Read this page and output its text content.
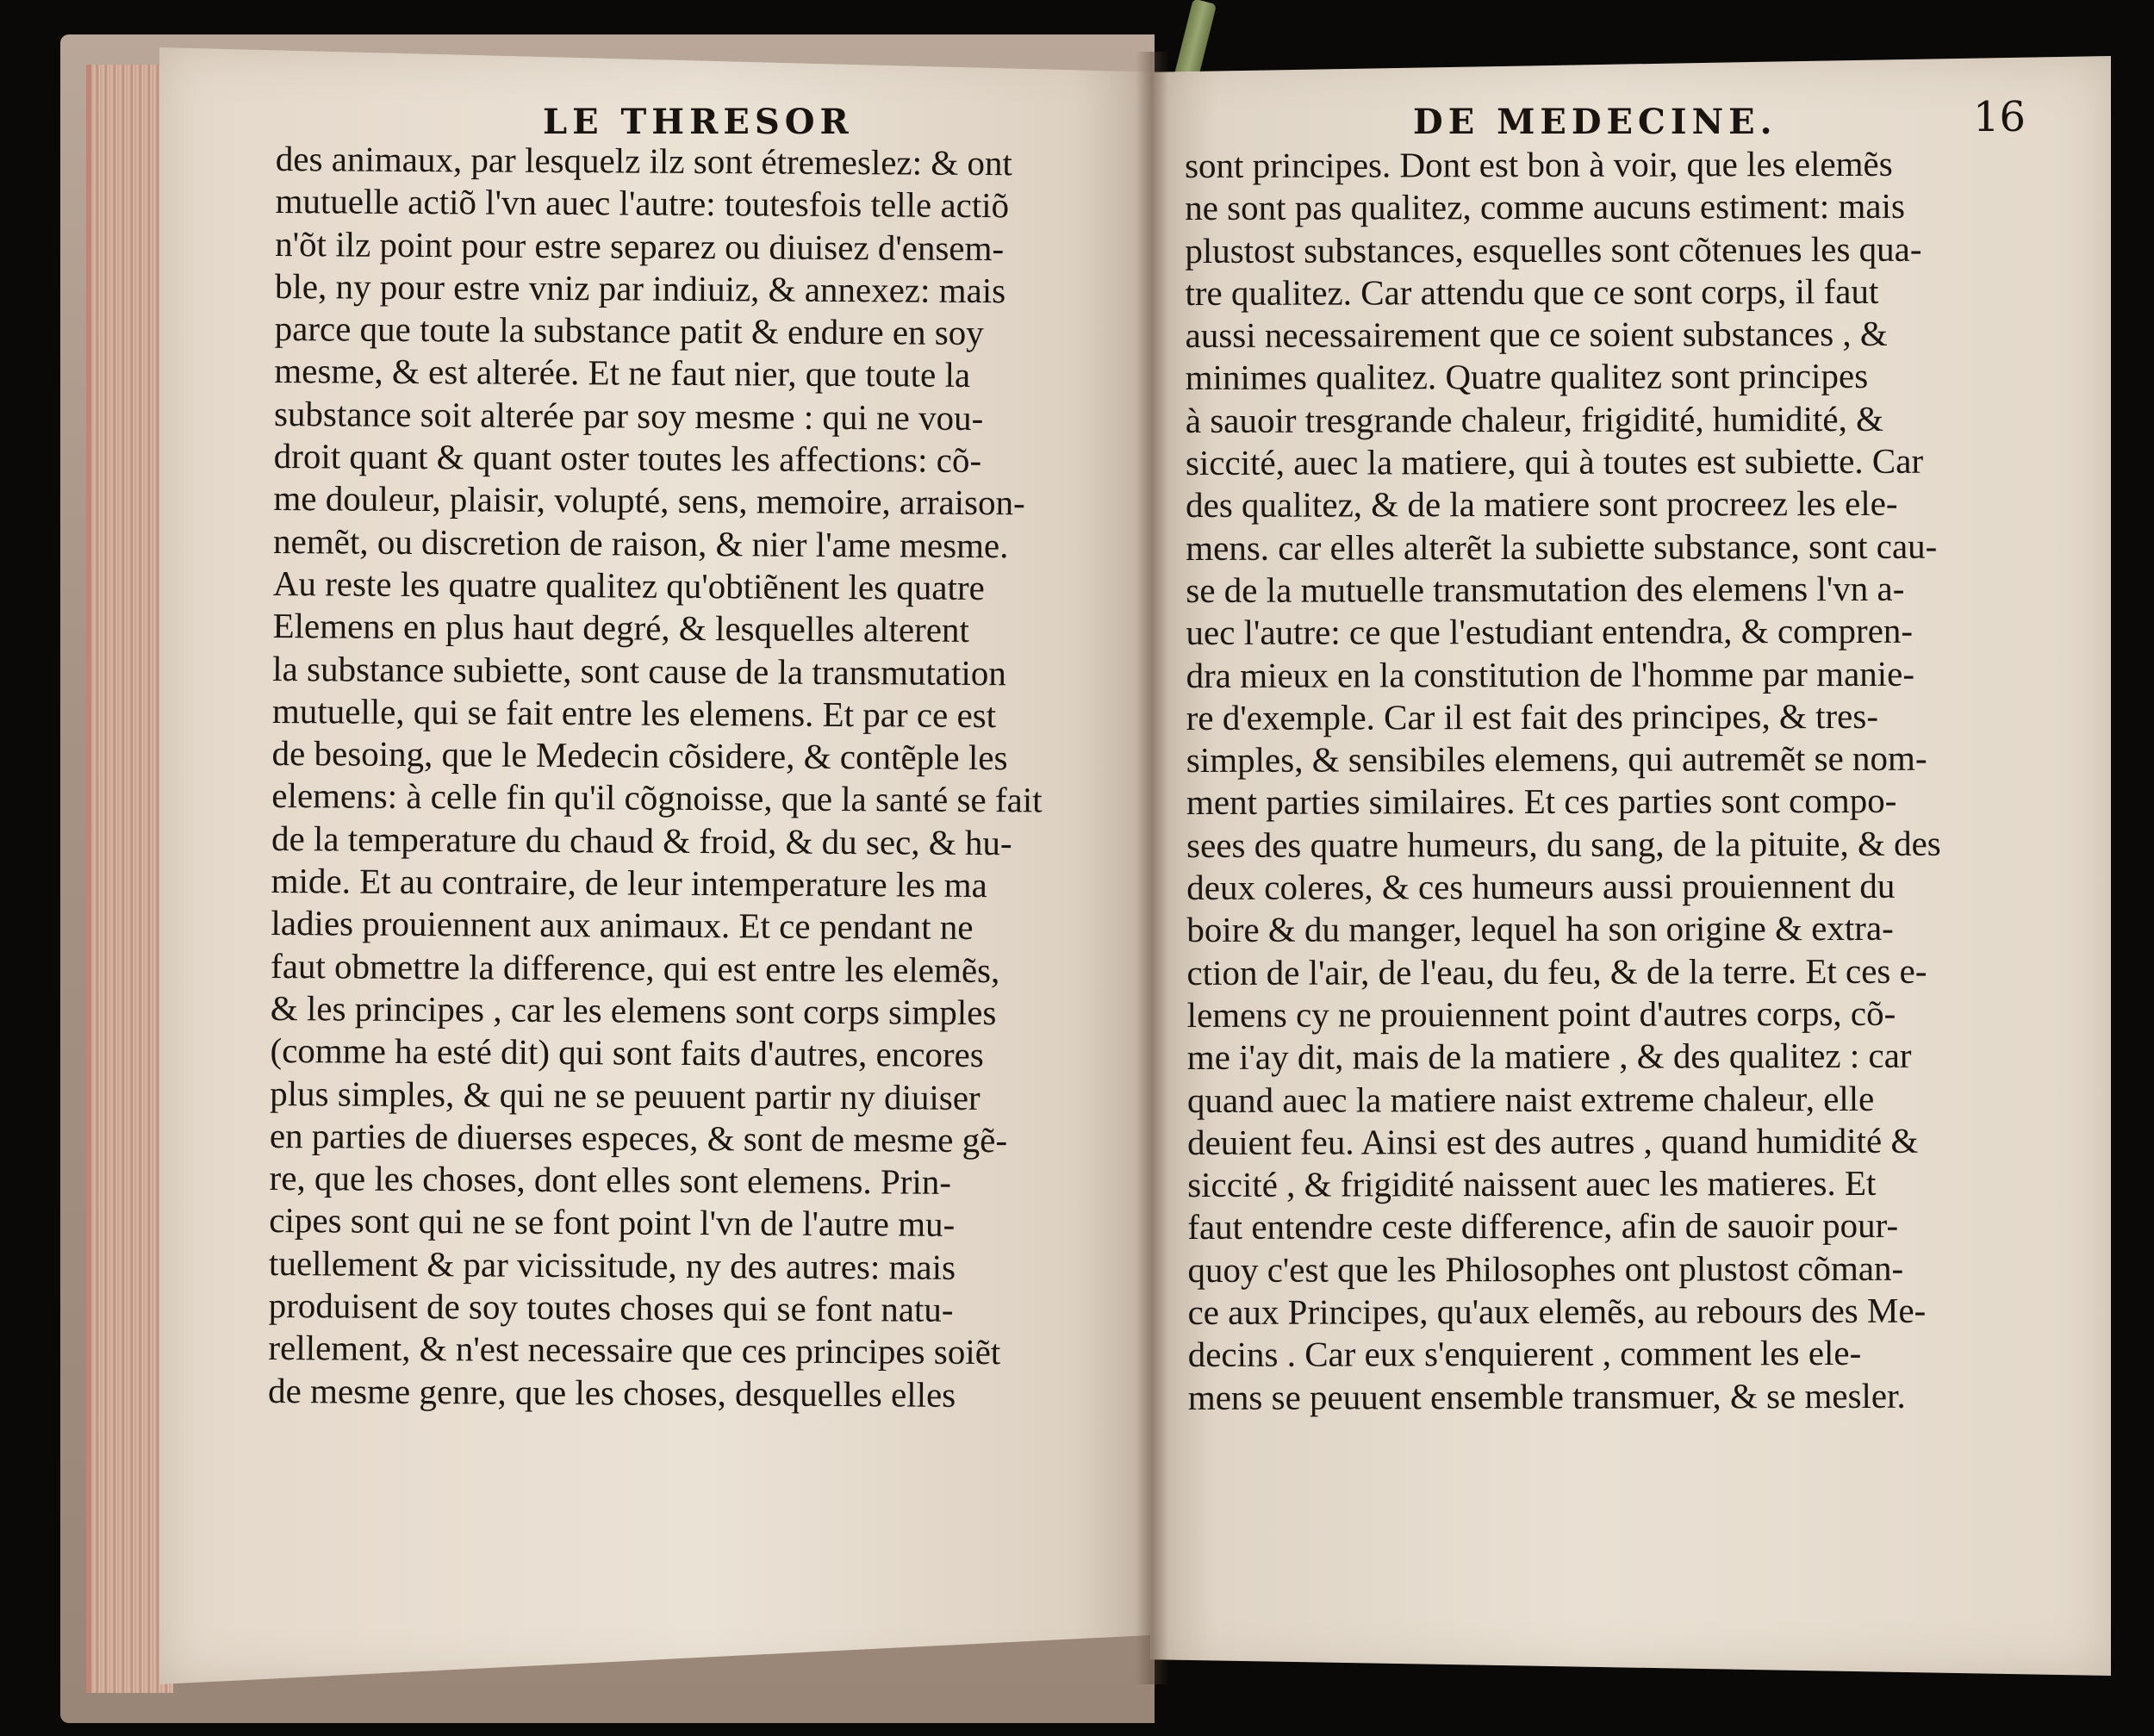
LE THRESOR	DE MEDECINE.	16
des animaux, par lesquelz ilz sont étremeslez: & ont
mutuelle actiõ l'vn auec l'autre: toutesfois telle actiõ
n'õt ilz point pour estre separez ou diuisez d'ensem-
ble, ny pour estre vniz par indiuiz, & annexez: mais
parce que toute la substance patit & endure en soy
mesme, & est alterée. Et ne faut nier, que toute la
substance soit alterée par soy mesme : qui ne vou-
droit quant & quant oster toutes les affections: cõ-
me douleur, plaisir, volupté, sens, memoire, arraison-
nemẽt, ou discretion de raison, & nier l'ame mesme.
Au reste les quatre qualitez qu'obtiẽnent les quatre
Elemens en plus haut degré, & lesquelles alterent
la substance subiette, sont cause de la transmutation
mutuelle, qui se fait entre les elemens. Et par ce est
de besoing, que le Medecin cõsidere, & contẽple les
elemens: à celle fin qu'il cõgnoisse, que la santé se fait
de la temperature du chaud & froid, & du sec, & hu-
mide. Et au contraire, de leur intemperature les ma
ladies prouiennent aux animaux. Et ce pendant ne
faut obmettre la difference, qui est entre les elemẽs,
& les principes , car les elemens sont corps simples
(comme ha esté dit) qui sont faits d'autres, encores
plus simples, & qui ne se peuuent partir ny diuiser
en parties de diuerses especes, & sont de mesme gẽ-
re, que les choses, dont elles sont elemens. Prin-
cipes sont qui ne se font point l'vn de l'autre mu-
tuellement & par vicissitude, ny des autres: mais
produisent de soy toutes choses qui se font natu-
rellement, & n'est necessaire que ces principes soiẽt
de mesme genre, que les choses, desquelles elles
sont principes. Dont est bon à voir, que les elemẽs
ne sont pas qualitez, comme aucuns estiment: mais
plustost substances, esquelles sont cõtenues les qua-
tre qualitez. Car attendu que ce sont corps, il faut
aussi necessairement que ce soient substances , &
minimes qualitez. Quatre qualitez sont principes
à sauoir tresgrande chaleur, frigidité, humidité, &
siccité, auec la matiere, qui à toutes est subiette. Car
des qualitez, & de la matiere sont procreez les ele-
mens. car elles alterẽt la subiette substance, sont cau-
se de la mutuelle transmutation des elemens l'vn a-
uec l'autre: ce que l'estudiant entendra, & compren-
dra mieux en la constitution de l'homme par manie-
re d'exemple. Car il est fait des principes, & tres-
simples, & sensibiles elemens, qui autremẽt se nom-
ment parties similaires. Et ces parties sont compo-
sees des quatre humeurs, du sang, de la pituite, & des
deux coleres, & ces humeurs aussi prouiennent du
boire & du manger, lequel ha son origine & extra-
ction de l'air, de l'eau, du feu, & de la terre. Et ces e-
lemens cy ne prouiennent point d'autres corps, cõ-
me i'ay dit, mais de la matiere , & des qualitez : car
quand auec la matiere naist extreme chaleur, elle
deuient feu. Ainsi est des autres , quand humidité &
siccité , & frigidité naissent auec les matieres. Et
faut entendre ceste difference, afin de sauoir pour-
quoy c'est que les Philosophes ont plustost cõman-
ce aux Principes, qu'aux elemẽs, au rebours des Me-
decins . Car eux s'enquierent , comment les ele-
mens se peuuent ensemble transmuer, & se mesler.
